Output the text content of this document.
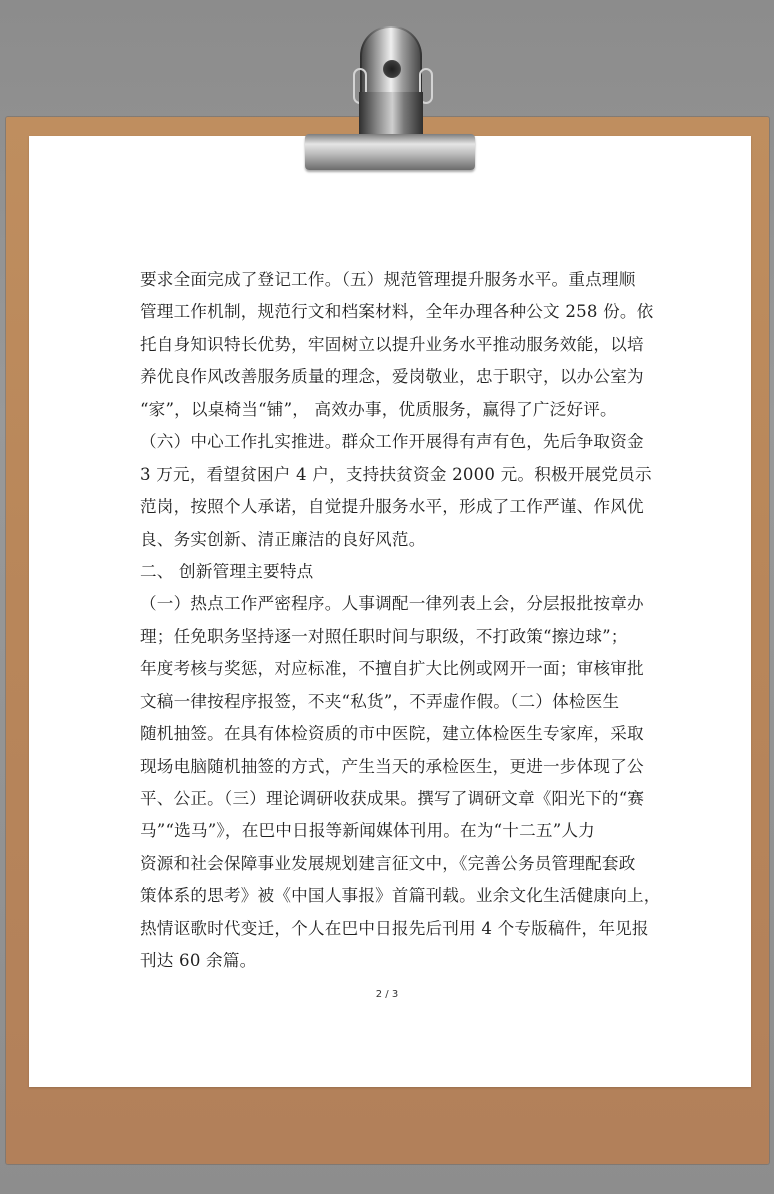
要求全面完成了登记工作。（五）规范管理提升服务水平。重点理顺
管理工作机制，规范行文和档案材料，全年办理各种公文 258 份。依
托自身知识特长优势，牢固树立以提升业务水平推动服务效能，以培
养优良作风改善服务质量的理念，爱岗敬业，忠于职守，以办公室为
“家”，以桌椅当“铺”， 高效办事，优质服务，赢得了广泛好评。
（六）中心工作扎实推进。群众工作开展得有声有色，先后争取资金
3 万元，看望贫困户 4 户，支持扶贫资金 2000 元。积极开展党员示
范岗，按照个人承诺，自觉提升服务水平，形成了工作严谨、作风优
良、务实创新、清正廉洁的良好风范。
二、 创新管理主要特点
（一）热点工作严密程序。人事调配一律列表上会，分层报批按章办
理；任免职务坚持逐一对照任职时间与职级，不打政策“擦边球”；
年度考核与奖惩，对应标准，不擅自扩大比例或网开一面；审核审批
文稿一律按程序报签，不夹“私货”，不弄虚作假。（二）体检医生
随机抽签。在具有体检资质的市中医院，建立体检医生专家库，采取
现场电脑随机抽签的方式，产生当天的承检医生，更进一步体现了公
平、公正。（三）理论调研收获成果。撰写了调研文章《阳光下的“赛
马”“选马”》，在巴中日报等新闻媒体刊用。在为“十二五”人力
资源和社会保障事业发展规划建言征文中，《完善公务员管理配套政
策体系的思考》被《中国人事报》首篇刊载。业余文化生活健康向上，
热情讴歌时代变迁，个人在巴中日报先后刊用 4 个专版稿件，年见报
刊达 60 余篇。
2 / 3
